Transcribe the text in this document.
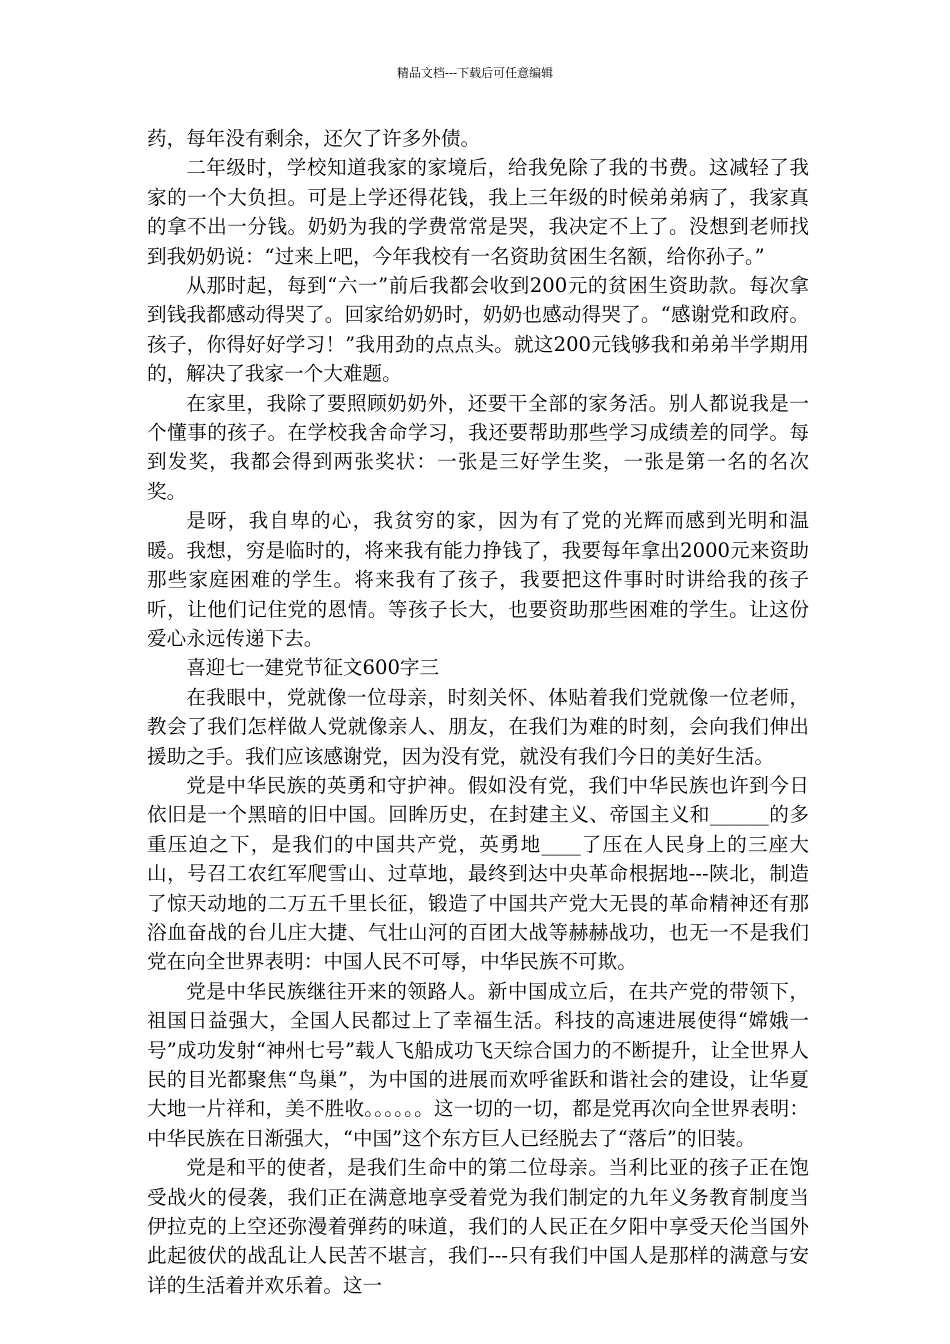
精品文档---下载后可任意编辑

药，每年没有剩余，还欠了许多外债。

二年级时，学校知道我家的家境后，给我免除了我的书费。这减轻了我家的一个大负担。可是上学还得花钱，我上三年级的时候弟弟病了，我家真的拿不出一分钱。奶奶为我的学费常常是哭，我决定不上了。没想到老师找到我奶奶说：“过来上吧，今年我校有一名资助贫困生名额，给你孙子。”

从那时起，每到“六一”前后我都会收到200元的贫困生资助款。每次拿到钱我都感动得哭了。回家给奶奶时，奶奶也感动得哭了。“感谢党和政府。孩子，你得好好学习！”我用劲的点点头。就这200元钱够我和弟弟半学期用的，解决了我家一个大难题。

在家里，我除了要照顾奶奶外，还要干全部的家务活。别人都说我是一个懂事的孩子。在学校我舍命学习，我还要帮助那些学习成绩差的同学。每到发奖，我都会得到两张奖状：一张是三好学生奖，一张是第一名的名次奖。

是呀，我自卑的心，我贫穷的家，因为有了党的光辉而感到光明和温暖。我想，穷是临时的，将来我有能力挣钱了，我要每年拿出2000元来资助那些家庭困难的学生。将来我有了孩子，我要把这件事时时讲给我的孩子听，让他们记住党的恩情。等孩子长大，也要资助那些困难的学生。让这份爱心永远传递下去。

喜迎七一建党节征文600字三

在我眼中，党就像一位母亲，时刻关怀、体贴着我们党就像一位老师，教会了我们怎样做人党就像亲人、朋友，在我们为难的时刻，会向我们伸出援助之手。我们应该感谢党，因为没有党，就没有我们今日的美好生活。

党是中华民族的英勇和守护神。假如没有党，我们中华民族也许到今日依旧是一个黑暗的旧中国。回眸历史，在封建主义、帝国主义和______的多重压迫之下，是我们的中国共产党，英勇地____了压在人民身上的三座大山，号召工农红军爬雪山、过草地，最终到达中央革命根据地---陕北，制造了惊天动地的二万五千里长征，锻造了中国共产党大无畏的革命精神还有那浴血奋战的台儿庄大捷、气壮山河的百团大战等赫赫战功，也无一不是我们党在向全世界表明：中国人民不可辱，中华民族不可欺。

党是中华民族继往开来的领路人。新中国成立后，在共产党的带领下，祖国日益强大，全国人民都过上了幸福生活。科技的高速进展使得“嫦娥一号”成功发射“神州七号”载人飞船成功飞天综合国力的不断提升，让全世界人民的目光都聚焦“鸟巢”，为中国的进展而欢呼雀跃和谐社会的建设，让华夏大地一片祥和，美不胜收。。。。。。这一切的一切，都是党再次向全世界表明：中华民族在日渐强大，“中国”这个东方巨人已经脱去了“落后”的旧装。

党是和平的使者，是我们生命中的第二位母亲。当利比亚的孩子正在饱受战火的侵袭，我们正在满意地享受着党为我们制定的九年义务教育制度当伊拉克的上空还弥漫着弹药的味道，我们的人民正在夕阳中享受天伦当国外此起彼伏的战乱让人民苦不堪言，我们---只有我们中国人是那样的满意与安详的生活着并欢乐着。这一
